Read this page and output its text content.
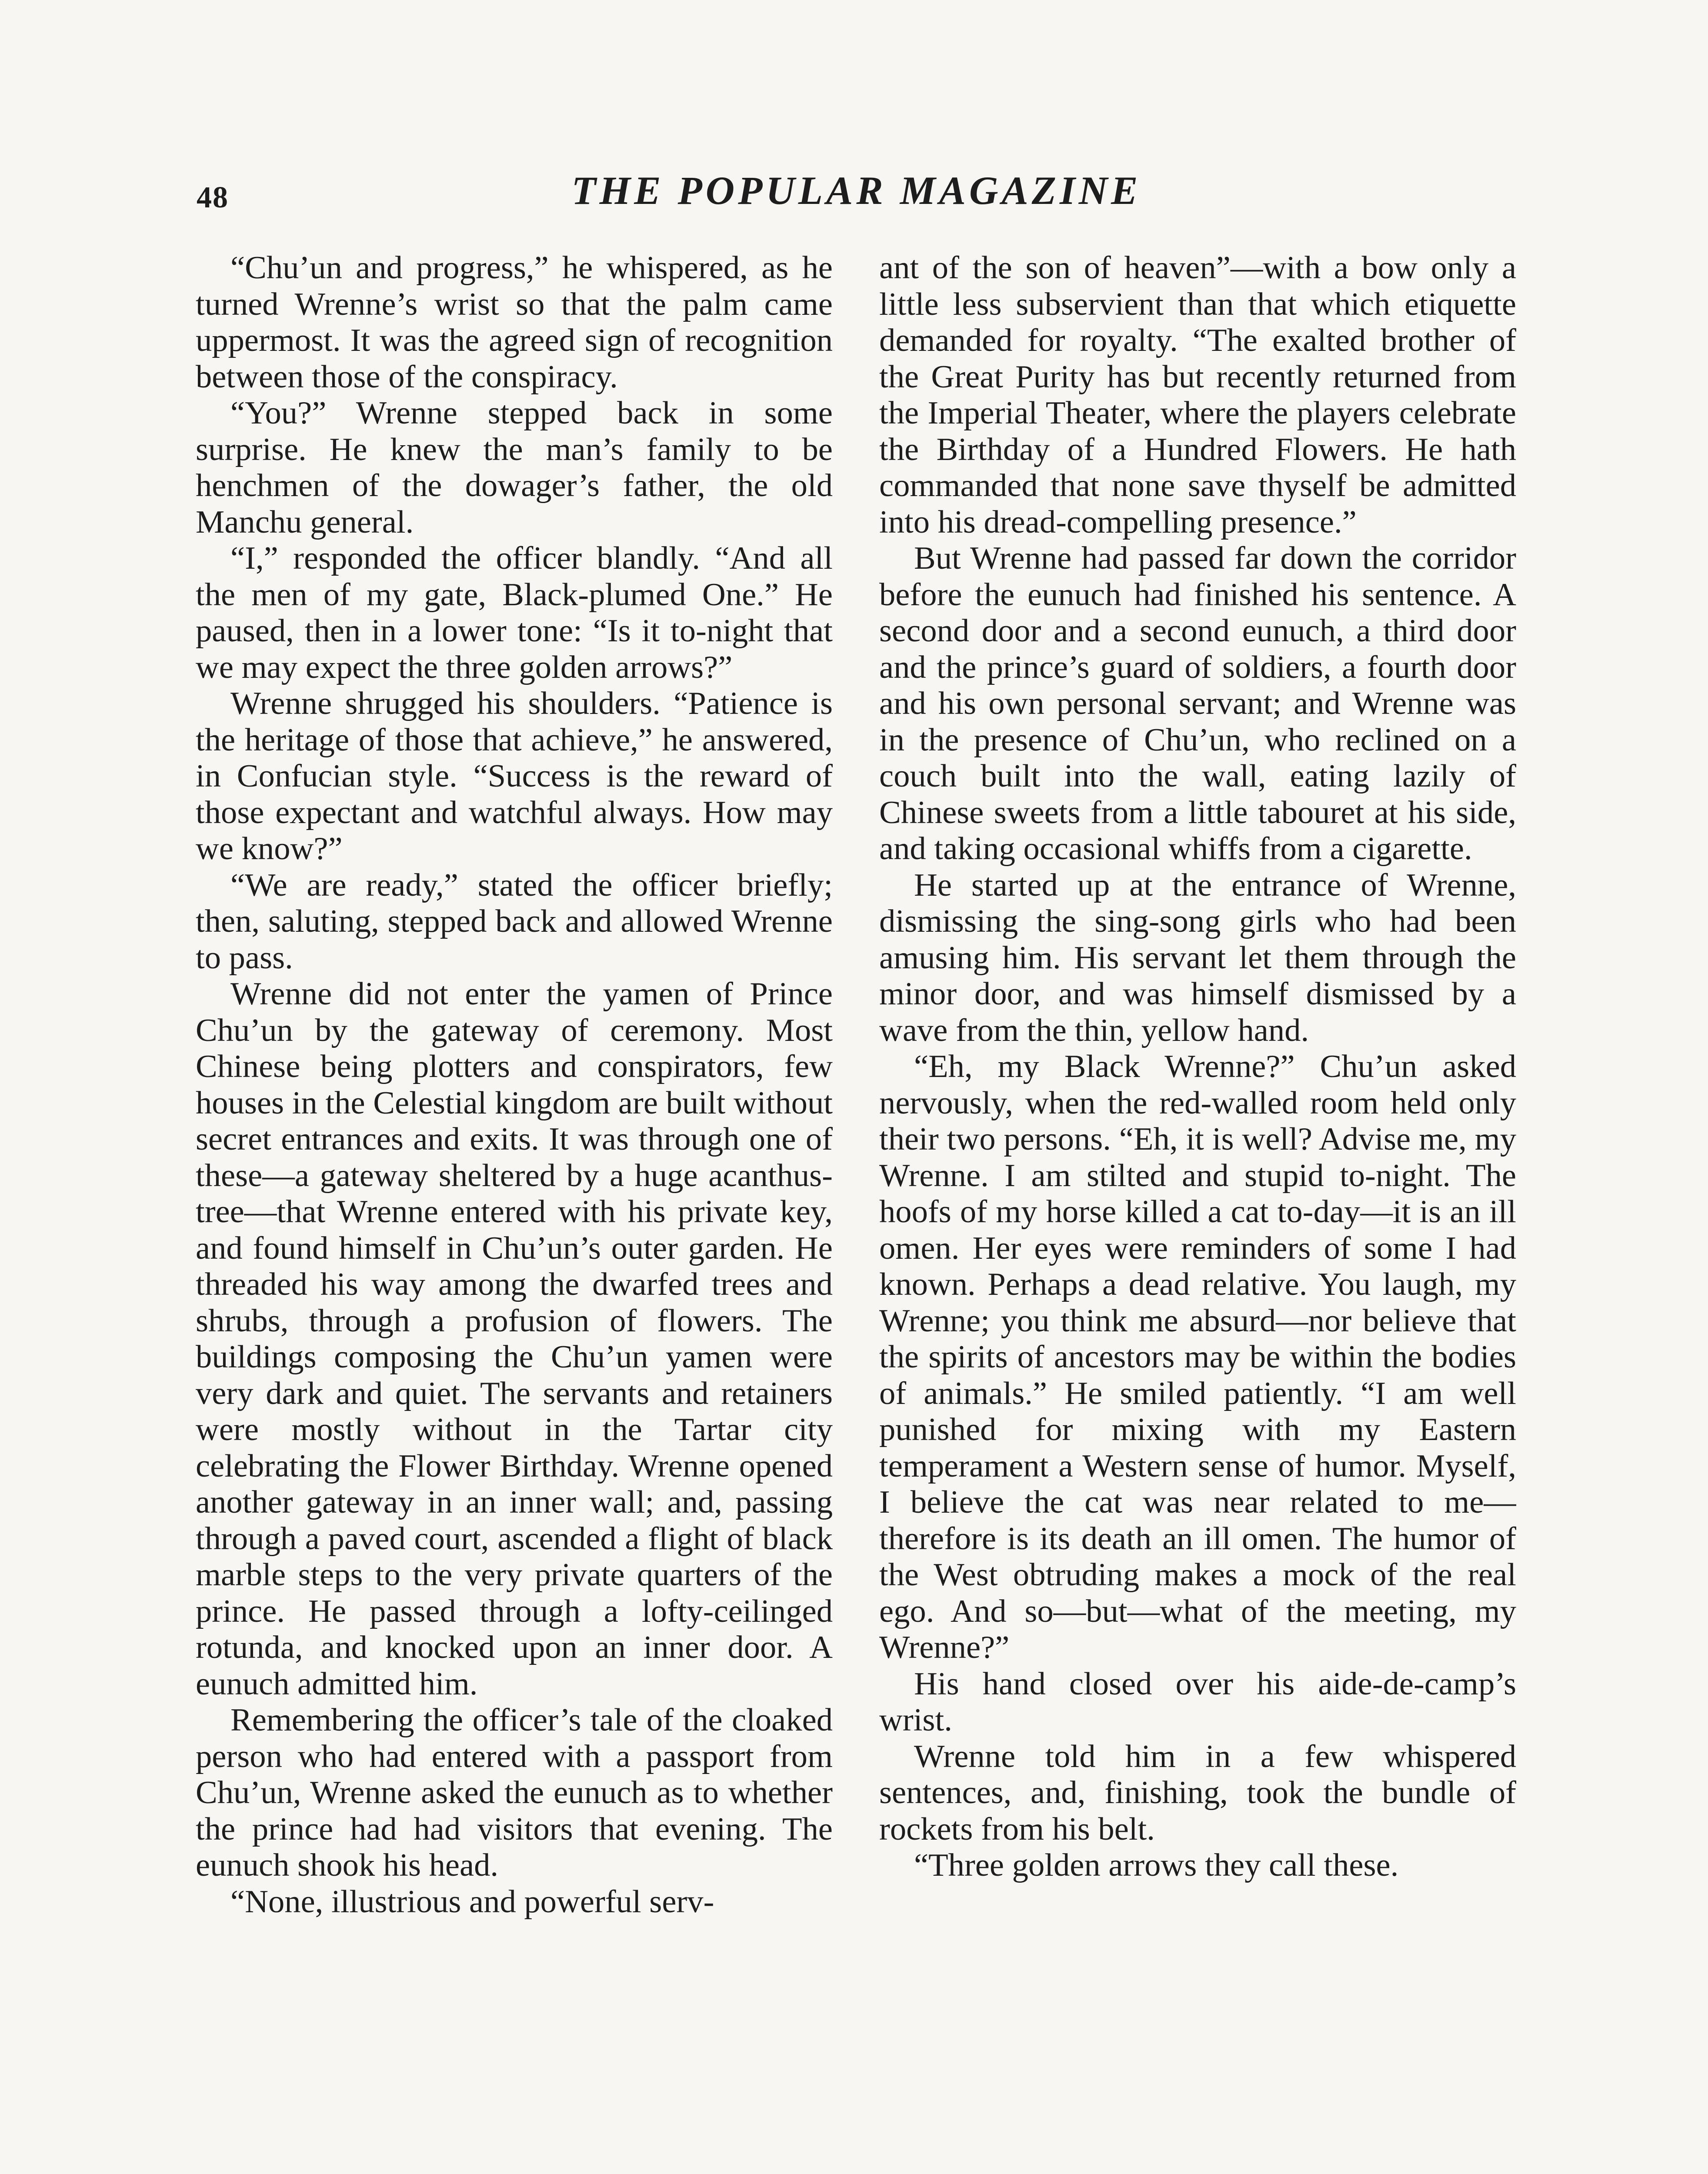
48	THE POPULAR MAGAZINE

“Chu’un and progress,” he whispered, as he turned Wrenne’s wrist so that the palm came uppermost. It was the agreed sign of recognition between those of the conspiracy.

“You?” Wrenne stepped back in some surprise. He knew the man’s family to be henchmen of the dowager’s father, the old Manchu general.

“I,” responded the officer blandly. “And all the men of my gate, Black-plumed One.” He paused, then in a lower tone: “Is it to-night that we may expect the three golden arrows?”

Wrenne shrugged his shoulders. “Patience is the heritage of those that achieve,” he answered, in Confucian style. “Success is the reward of those expectant and watchful always. How may we know?”

“We are ready,” stated the officer briefly; then, saluting, stepped back and allowed Wrenne to pass.

Wrenne did not enter the yamen of Prince Chu’un by the gateway of ceremony. Most Chinese being plotters and conspirators, few houses in the Celestial kingdom are built without secret entrances and exits. It was through one of these—a gateway sheltered by a huge acanthus-tree—that Wrenne entered with his private key, and found himself in Chu’un’s outer garden. He threaded his way among the dwarfed trees and shrubs, through a profusion of flowers. The buildings composing the Chu’un yamen were very dark and quiet. The servants and retainers were mostly without in the Tartar city celebrating the Flower Birthday. Wrenne opened another gateway in an inner wall; and, passing through a paved court, ascended a flight of black marble steps to the very private quarters of the prince. He passed through a lofty-ceilinged rotunda, and knocked upon an inner door. A eunuch admitted him.

Remembering the officer’s tale of the cloaked person who had entered with a passport from Chu’un, Wrenne asked the eunuch as to whether the prince had had visitors that evening. The eunuch shook his head.

“None, illustrious and powerful serv-

ant of the son of heaven”—with a bow only a little less subservient than that which etiquette demanded for royalty. “The exalted brother of the Great Purity has but recently returned from the Imperial Theater, where the players celebrate the Birthday of a Hundred Flowers. He hath commanded that none save thyself be admitted into his dread-compelling presence.”

But Wrenne had passed far down the corridor before the eunuch had finished his sentence. A second door and a second eunuch, a third door and the prince’s guard of soldiers, a fourth door and his own personal servant; and Wrenne was in the presence of Chu’un, who reclined on a couch built into the wall, eating lazily of Chinese sweets from a little tabouret at his side, and taking occasional whiffs from a cigarette.

He started up at the entrance of Wrenne, dismissing the sing-song girls who had been amusing him. His servant let them through the minor door, and was himself dismissed by a wave from the thin, yellow hand.

“Eh, my Black Wrenne?” Chu’un asked nervously, when the red-walled room held only their two persons. “Eh, it is well? Advise me, my Wrenne. I am stilted and stupid to-night. The hoofs of my horse killed a cat to-day—it is an ill omen. Her eyes were reminders of some I had known. Perhaps a dead relative. You laugh, my Wrenne; you think me absurd—nor believe that the spirits of ancestors may be within the bodies of animals.” He smiled patiently. “I am well punished for mixing with my Eastern temperament a Western sense of humor. Myself, I believe the cat was near related to me—therefore is its death an ill omen. The humor of the West obtruding makes a mock of the real ego. And so—but—what of the meeting, my Wrenne?”

His hand closed over his aide-de-camp’s wrist.

Wrenne told him in a few whispered sentences, and, finishing, took the bundle of rockets from his belt.

“Three golden arrows they call these.
